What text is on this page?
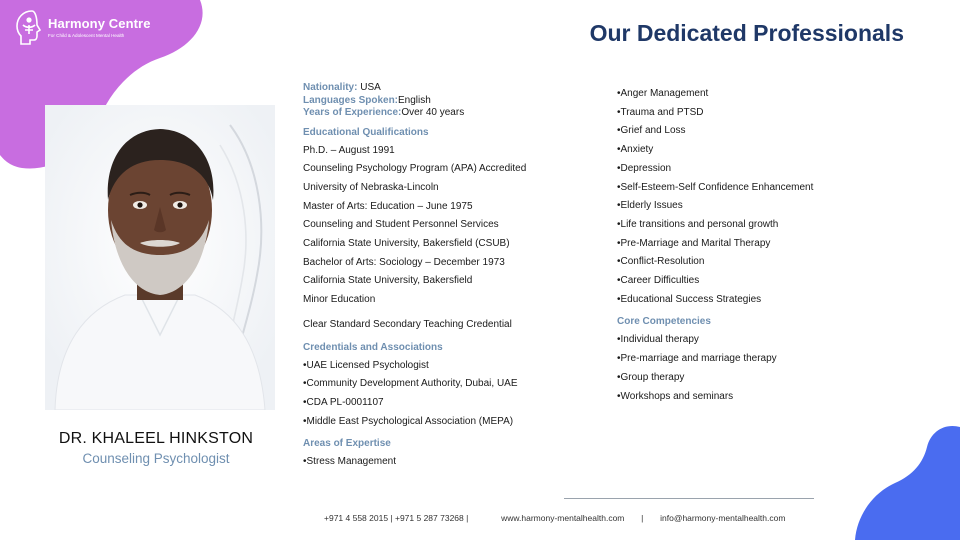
Harmony Centre
For Child & Adolescent Mental Health	Our Dedicated Professionals
DR. KHALEEL HINKSTON
Counseling Psychologist
Nationality: USA
Languages Spoken:English
Years of Experience:Over 40 years
Educational Qualifications
Ph.D. – August 1991
Counseling Psychology Program (APA) Accredited
University of Nebraska-Lincoln
Master of Arts: Education – June 1975
Counseling and Student Personnel Services
California State University, Bakersfield (CSUB)
Bachelor of Arts: Sociology – December 1973
California State University, Bakersfield
Minor Education
Clear Standard Secondary Teaching Credential
Credentials and Associations
•UAE Licensed Psychologist
•Community Development Authority, Dubai, UAE
•CDA PL-0001107
•Middle East Psychological Association (MEPA)
Areas of Expertise
•Stress Management
•Anger Management
•Trauma and PTSD
•Grief and Loss
•Anxiety
•Depression
•Self-Esteem-Self Confidence Enhancement
•Elderly Issues
•Life transitions and personal growth
•Pre-Marriage and Marital Therapy
•Conflict-Resolution
•Career Difficulties
•Educational Success Strategies
Core Competencies
•Individual therapy
•Pre-marriage and marriage therapy
•Group therapy
•Workshops and seminars
+971 4 558 2015 | +971 5 287 73268 |	www.harmony-mentalhealth.com | info@harmony-mentalhealth.com
